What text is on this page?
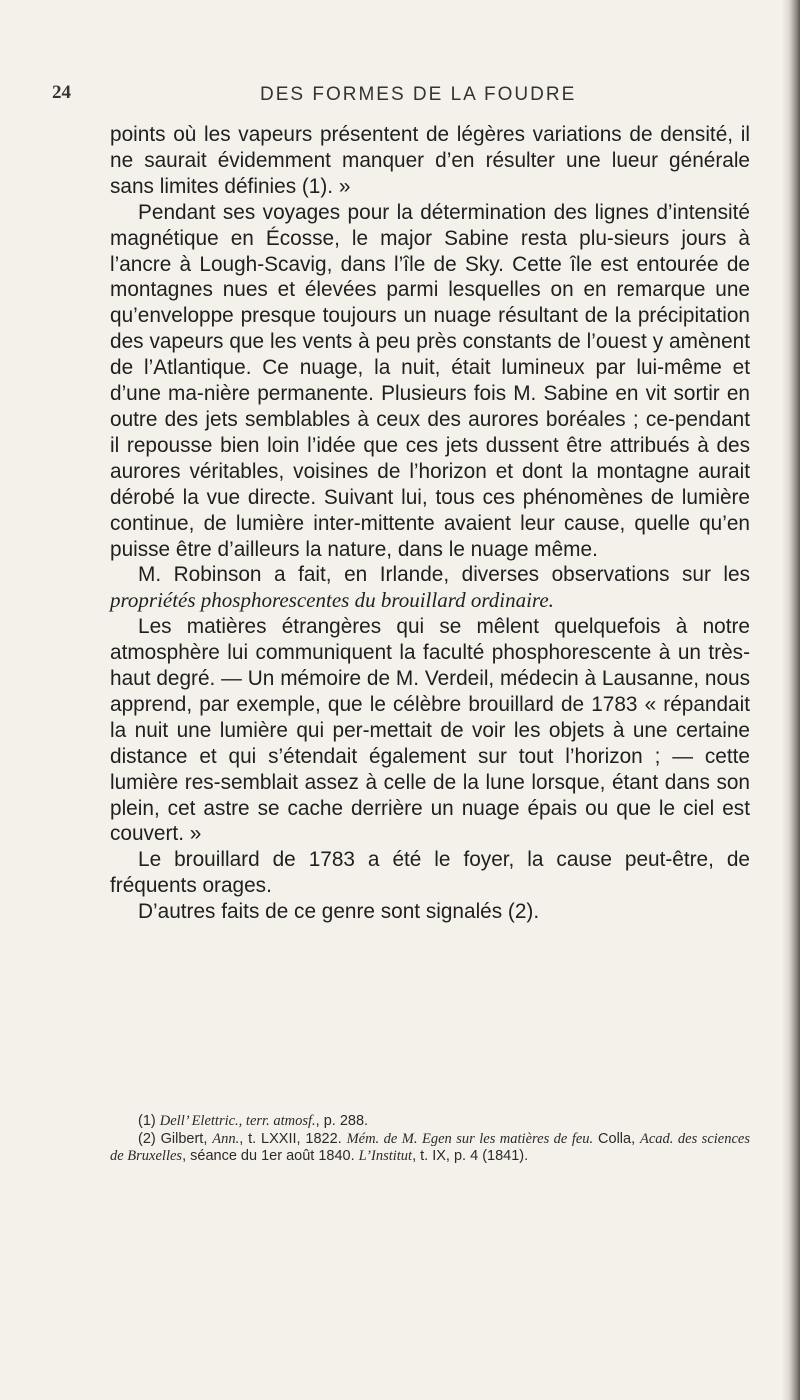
24	DES FORMES DE LA FOUDRE

points où les vapeurs présentent de légères variations de densité, il ne saurait évidemment manquer d’en résulter une lueur générale sans limites définies (1). »

Pendant ses voyages pour la détermination des lignes d’intensité magnétique en Écosse, le major Sabine resta plu-sieurs jours à l’ancre à Lough-Scavig, dans l’île de Sky. Cette île est entourée de montagnes nues et élevées parmi lesquelles on en remarque une qu’enveloppe presque toujours un nuage résultant de la précipitation des vapeurs que les vents à peu près constants de l’ouest y amènent de l’Atlantique. Ce nuage, la nuit, était lumineux par lui-même et d’une ma-nière permanente. Plusieurs fois M. Sabine en vit sortir en outre des jets semblables à ceux des aurores boréales ; ce-pendant il repousse bien loin l’idée que ces jets dussent être attribués à des aurores véritables, voisines de l’horizon et dont la montagne aurait dérobé la vue directe. Suivant lui, tous ces phénomènes de lumière continue, de lumière inter-mittente avaient leur cause, quelle qu’en puisse être d’ailleurs la nature, dans le nuage même.

M. Robinson a fait, en Irlande, diverses observations sur les propriétés phosphorescentes du brouillard ordinaire.

Les matières étrangères qui se mêlent quelquefois à notre atmosphère lui communiquent la faculté phosphorescente à un très-haut degré. — Un mémoire de M. Verdeil, médecin à Lausanne, nous apprend, par exemple, que le célèbre brouillard de 1783 « répandait la nuit une lumière qui per-mettait de voir les objets à une certaine distance et qui s’étendait également sur tout l’horizon ; — cette lumière res-semblait assez à celle de la lune lorsque, étant dans son plein, cet astre se cache derrière un nuage épais ou que le ciel est couvert. »

Le brouillard de 1783 a été le foyer, la cause peut-être, de fréquents orages.

D’autres faits de ce genre sont signalés (2).

(1) Dell’ Elettric., terr. atmosf., p. 288.

(2) Gilbert, Ann., t. LXXII, 1822. Mém. de M. Egen sur les matières de feu. Colla, Acad. des sciences de Bruxelles, séance du 1er août 1840. L’Institut, t. IX, p. 4 (1841).
